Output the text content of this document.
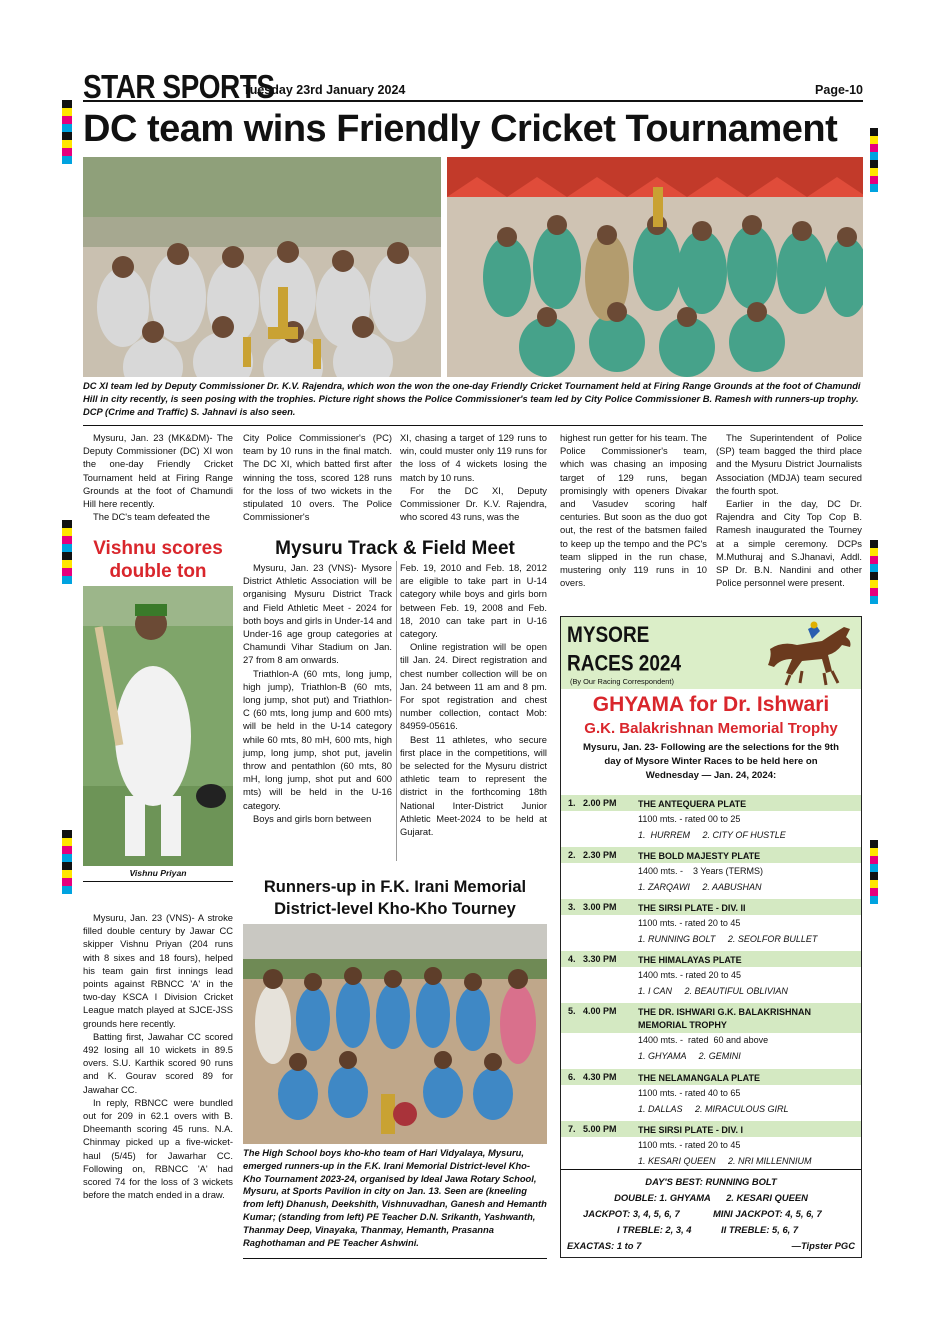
STAR SPORTS
Tuesday 23rd January 2024	Page-10
DC team wins Friendly Cricket Tournament
DC XI team led by Deputy Commissioner Dr. K.V. Rajendra, which won the won the one-day Friendly Cricket Tournament held at Firing Range Grounds at the foot of Chamundi Hill in city recently, is seen posing with the trophies. Picture right shows the Police Commissioner's team led by City Police Commissioner B. Ramesh with runners-up trophy. DCP (Crime and Traffic) S. Jahnavi is also seen.

Mysuru, Jan. 23 (MK&DM)- The Deputy Commissioner (DC) XI won the one-day Friendly Cricket Tournament held at Firing Range Grounds at the foot of Chamundi Hill here recently.

The DC's team defeated the

Vishnu scores double ton
Vishnu Priyan

Mysuru, Jan. 23 (VNS)- A stroke filled double century by Jawar CC skipper Vishnu Priyan (204 runs with 8 sixes and 18 fours), helped his team gain first innings lead points against RBNCC 'A' in the two-day KSCA I Division Cricket League match played at SJCE-JSS grounds here recently.

Batting first, Jawahar CC scored 492 losing all 10 wickets in 89.5 overs. S.U. Karthik scored 90 runs and K. Gourav scored 89 for Jawahar CC.

In reply, RBNCC were bundled out for 209 in 62.1 overs with B. Dheemanth scoring 45 runs. N.A. Chinmay picked up a five-wicket-haul (5/45) for Jawarhar CC. Following on, RBNCC 'A' had scored 74 for the loss of 3 wickets before the match ended in a draw.

City Police Commissioner's (PC) team by 10 runs in the final match. The DC XI, which batted first after winning the toss, scored 128 runs for the loss of two wickets in the stipulated 10 overs. The Police Commissioner's

XI, chasing a target of 129 runs to win, could muster only 119 runs for the loss of 4 wickets losing the match by 10 runs.

For the DC XI, Deputy Commissioner Dr. K.V. Rajendra, who scored 43 runs, was the

highest run getter for his team. The Police Commissioner's team, which was chasing an imposing target of 129 runs, began promisingly with openers Divakar and Vasudev scoring half centuries. But soon as the duo got out, the rest of the batsmen failed to keep up the tempo and the PC's team slipped in the run chase, mustering only 119 runs in 10 overs.

The Superintendent of Police (SP) team bagged the third place and the Mysuru District Journalists Association (MDJA) team secured the fourth spot.

Earlier in the day, DC Dr. Rajendra and City Top Cop B. Ramesh inaugurated the Tourney at a simple ceremony. DCPs M.Muthuraj and S.Jhanavi, Addl. SP Dr. B.N. Nandini and other Police personnel were present.

Mysuru Track & Field Meet

Mysuru, Jan. 23 (VNS)- Mysore District Athletic Association will be organising Mysuru District Track and Field Athletic Meet - 2024 for both boys and girls in Under-14 and Under-16 age group categories at Chamundi Vihar Stadium on Jan. 27 from 8 am onwards.

Triathlon-A (60 mts, long jump, high jump), Triathlon-B (60 mts, long jump, shot put) and Triathlon-C (60 mts, long jump and 600 mts) will be held in the U-14 category while 60 mts, 80 mH, 600 mts, high jump, long jump, shot put, javelin throw and pentathlon (60 mts, 80 mH, long jump, shot put and 600 mts) will be held in the U-16 category.

Boys and girls born between

Feb. 19, 2010 and Feb. 18, 2012 are eligible to take part in U-14 category while boys and girls born between Feb. 19, 2008 and Feb. 18, 2010 can take part in U-16 category.

Online registration will be open till Jan. 24. Direct registration and chest number collection will be on Jan. 24 between 11 am and 8 pm. For spot registration and chest number collection, contact Mob: 84959-05616.

Best 11 athletes, who secure first place in the competitions, will be selected for the Mysuru district athletic team to represent the district in the forthcoming 18th National Inter-District Junior Athletic Meet-2024 to be held at Gujarat.

Runners-up in F.K. Irani Memorial District-level Kho-Kho Tourney
The High School boys kho-kho team of Hari Vidyalaya, Mysuru, emerged runners-up in the F.K. Irani Memorial District-level Kho-Kho Tournament 2023-24, organised by Ideal Jawa Rotary School, Mysuru, at Sports Pavilion in city on Jan. 13. Seen are (kneeling from left) Dhanush, Deekshith, Vishnuvadhan, Ganesh and Hemanth Kumar; (standing from left) PE Teacher D.N. Srikanth, Yashwanth, Thanmay Deep, Vinayaka, Thanmay, Hemanth, Prasanna Raghothaman and PE Teacher Ashwini.
MYSORE
RACES 2024
(By Our Racing Correspondent)
GHYAMA for Dr. Ishwari
G.K. Balakrishnan Memorial Trophy
Mysuru, Jan. 23- Following are the selections for the 9th day of Mysore Winter Races to be held here on Wednesday — Jan. 24, 2024:
1. 2.00 PM THE ANTEQUERA PLATE
1100 mts. - rated 00 to 25
1.  HURREM     2. CITY OF HUSTLE
2. 2.30 PM THE BOLD MAJESTY PLATE
1400 mts. -    3 Years (TERMS)
1. ZARQAWI     2. AABUSHAN
3. 3.00 PM THE SIRSI PLATE - DIV. II
1100 mts. - rated 20 to 45
1. RUNNING BOLT     2. SEOLFOR BULLET
4. 3.30 PM THE HIMALAYAS PLATE
1400 mts. - rated 20 to 45
1. I CAN     2. BEAUTIFUL OBLIVIAN
5. 4.00 PM THE DR. ISHWARI G.K. BALAKRISHNAN MEMORIAL TROPHY
1400 mts. -  rated  60 and above
1. GHYAMA     2. GEMINI
6. 4.30 PM THE NELAMANGALA PLATE
1100 mts. - rated 40 to 65
1. DALLAS     2. MIRACULOUS GIRL
7. 5.00 PM THE SIRSI PLATE - DIV. I
1100 mts. - rated 20 to 45
1. KESARI QUEEN     2. NRI MILLENNIUM
DAY'S BEST: RUNNING BOLT
DOUBLE: 1. GHYAMA      2. KESARI QUEEN
JACKPOT: 3, 4, 5, 6, 7	MINI JACKPOT: 4, 5, 6, 7
I TREBLE: 2, 3, 4	II TREBLE: 5, 6, 7
EXACTAS: 1 to 7	—Tipster PGC
